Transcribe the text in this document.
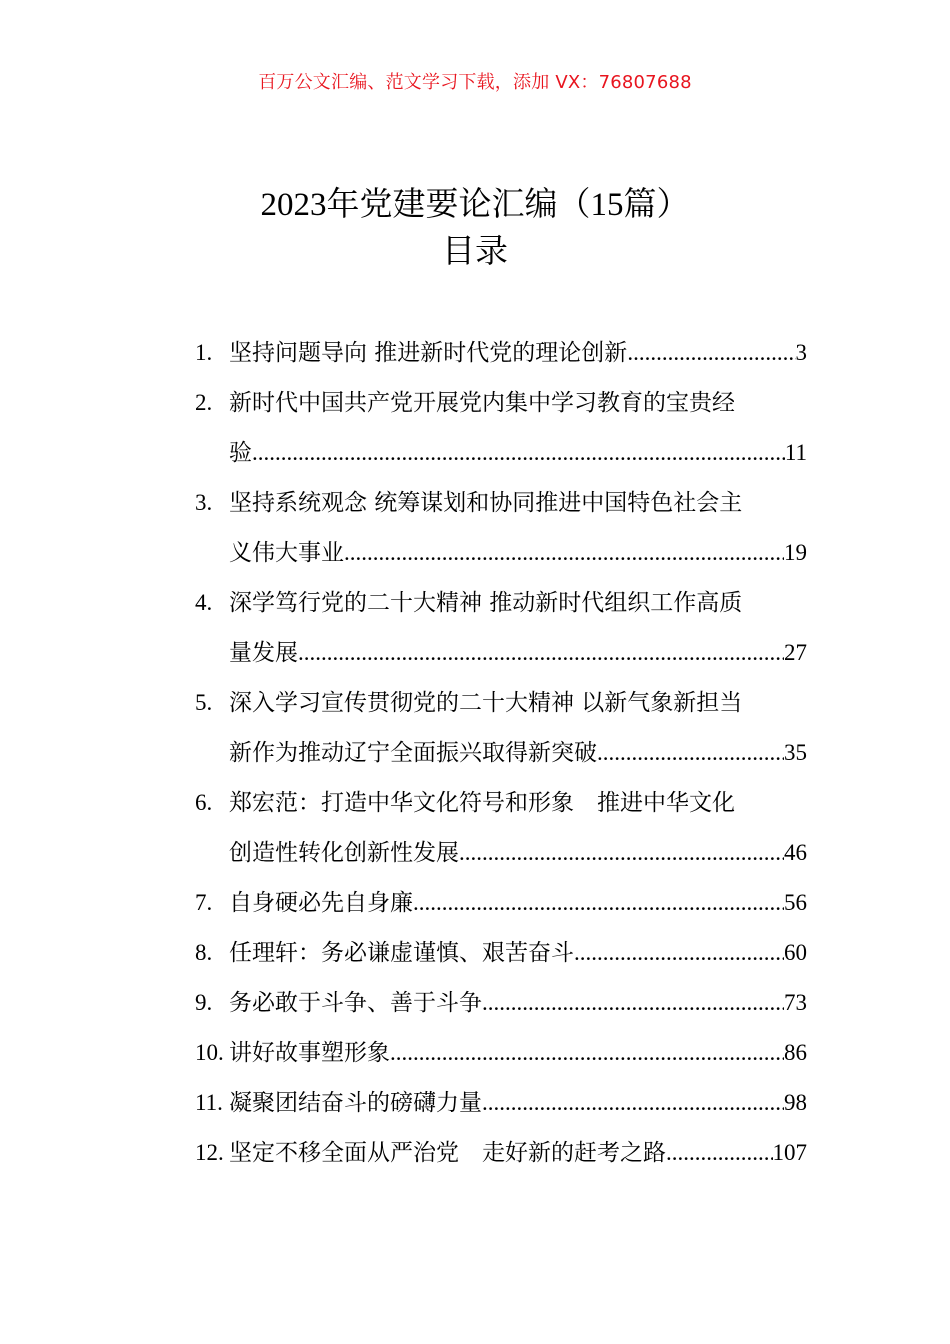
百万公文汇编、范文学习下载，添加 VX：76807688
2023年党建要论汇编（15篇）
目录
1. 坚持问题导向 推进新时代党的理论创新 .....	3
2. 新时代中国共产党开展党内集中学习教育的宝贵经
验 .....	11
3. 坚持系统观念 统筹谋划和协同推进中国特色社会主
义伟大事业 .....	19
4. 深学笃行党的二十大精神 推动新时代组织工作高质
量发展 .....	27
5. 深入学习宣传贯彻党的二十大精神 以新气象新担当
新作为推动辽宁全面振兴取得新突破 .....	35
6. 郑宏范：打造中华文化符号和形象　推进中华文化
创造性转化创新性发展 .....	46
7. 自身硬必先自身廉 .....	56
8. 任理轩：务必谦虚谨慎、艰苦奋斗 .....	60
9. 务必敢于斗争、善于斗争 .....	73
10. 讲好故事塑形象 .....	86
11. 凝聚团结奋斗的磅礴力量 .....	98
12. 坚定不移全面从严治党　走好新的赶考之路 .....	107
